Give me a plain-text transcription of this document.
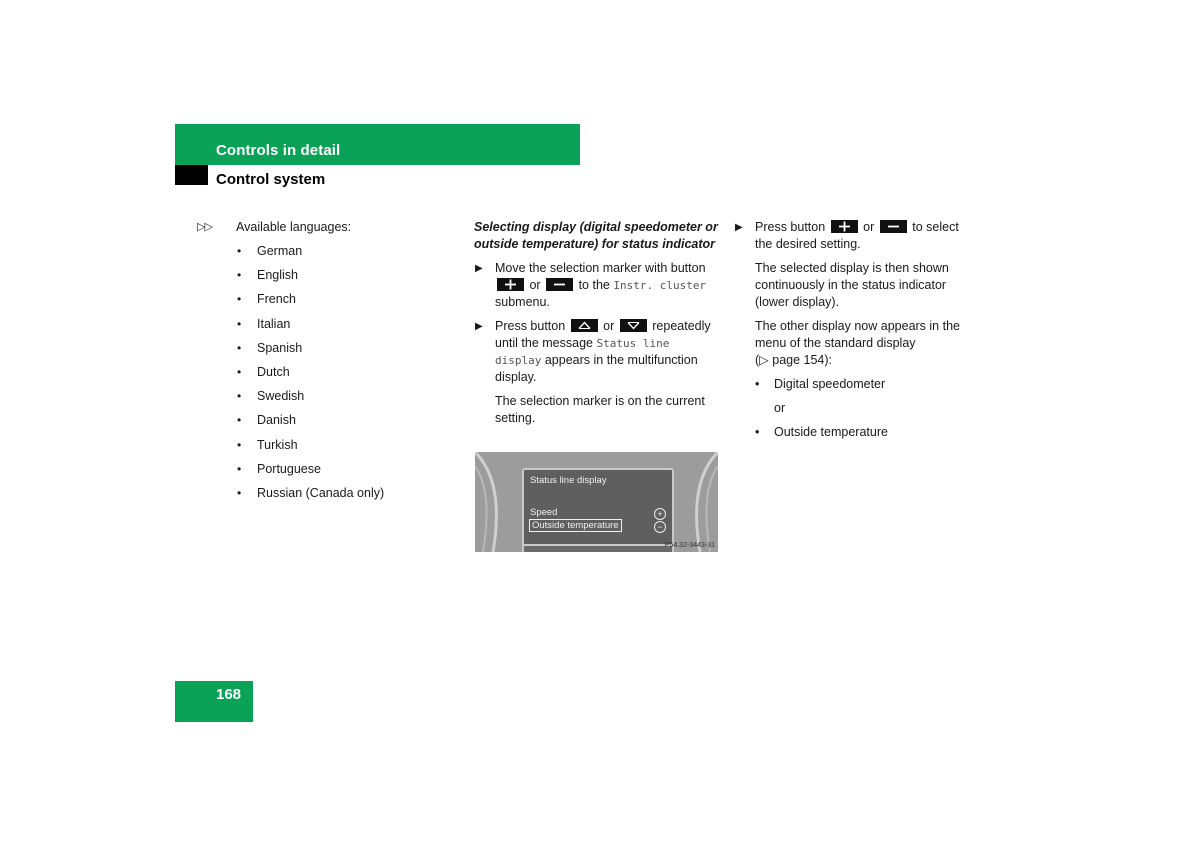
Controls in detail
Control system
▷▷ Available languages:
• German
• English
• French
• Italian
• Spanish
• Dutch
• Swedish
• Danish
• Turkish
• Portuguese
• Russian (Canada only)
Selecting display (digital speedometer or outside temperature) for status indicator
▶ Move the selection marker with button
or	to the Instr. cluster submenu.
▶ Press button	or	repeatedly until the message Status line display appears in the multifunction display.
The selection marker is on the current setting.
Status line display
Speed
Outside temperature
+
−
P54.32-3443-31
▶ Press button	or	to select the desired setting.
The selected display is then shown continuously in the status indicator (lower display).
The other display now appears in the menu of the standard display
(▷ page 154):
• Digital speedometer
or
• Outside temperature
168
